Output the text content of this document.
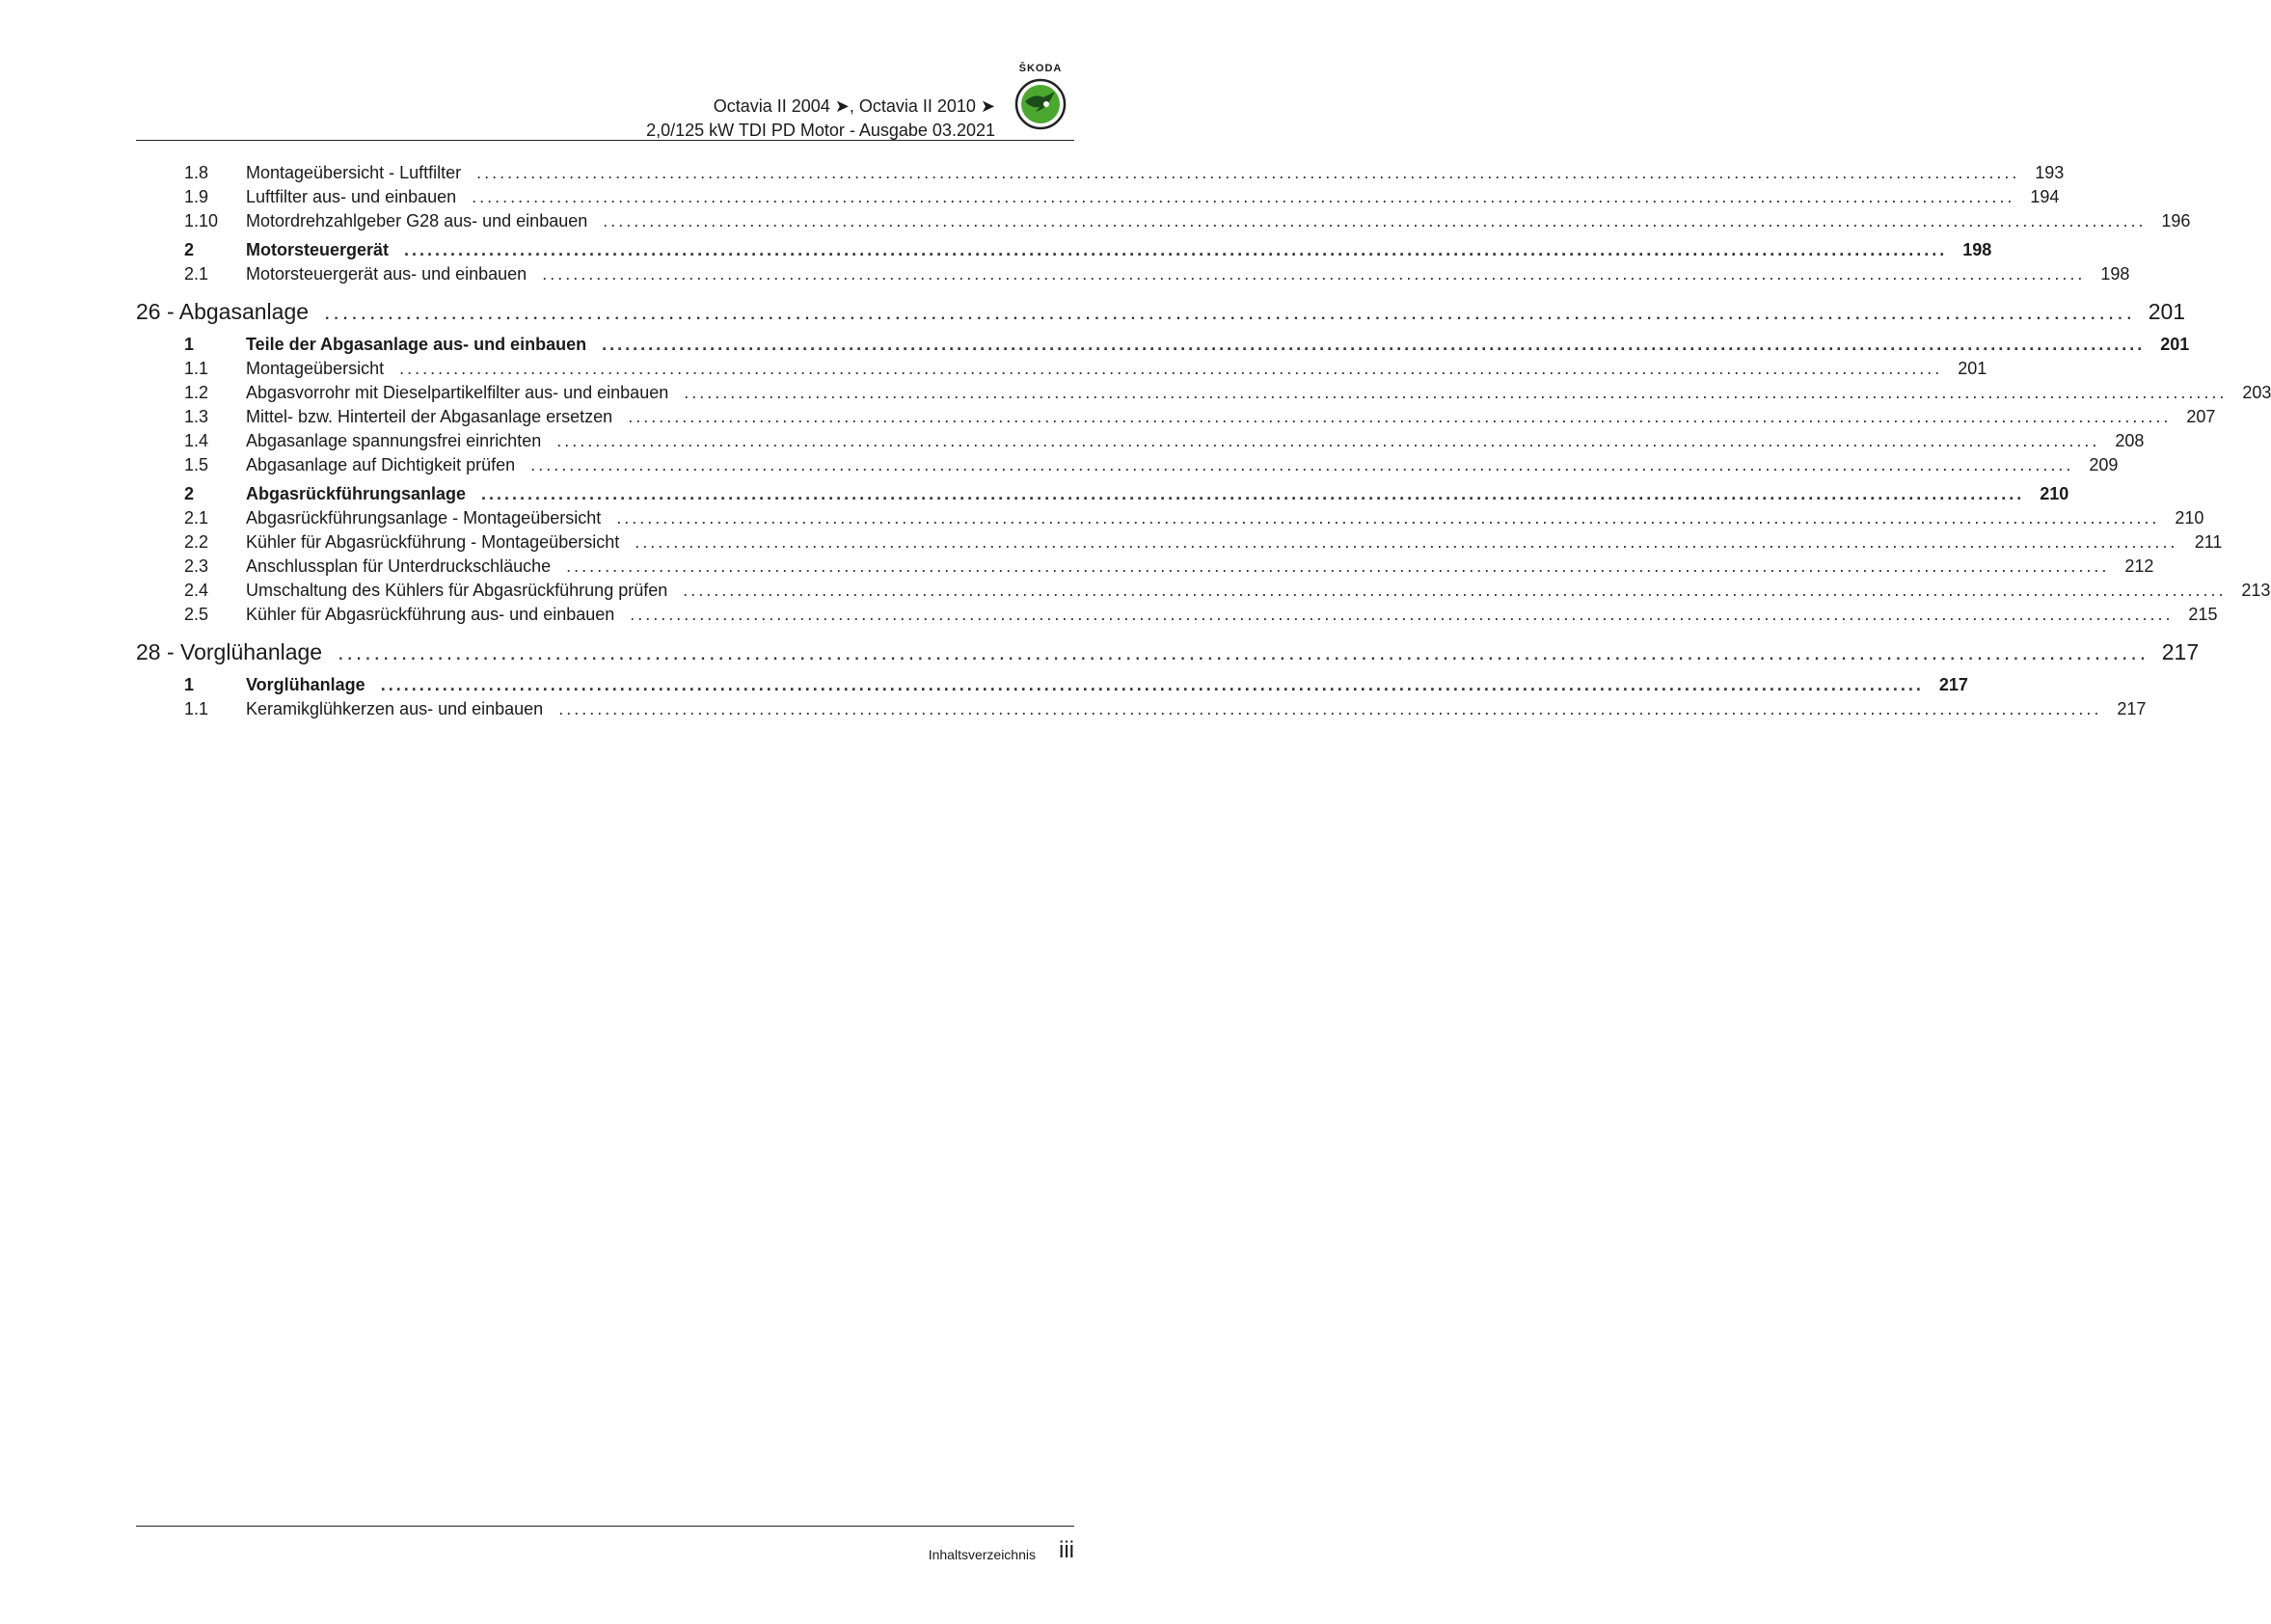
Octavia II 2004 ➤, Octavia II 2010 ➤
2,0/125 kW TDI PD Motor - Ausgabe 03.2021
ŠKODA
1.8	Montageübersicht - Luftfilter ........................................................................................................................................................................................................ 193
1.9	Luftfilter aus- und einbauen ........................................................................................................................................................................................................ 194
1.10	Motordrehzahlgeber G28 aus- und einbauen ........................................................................................................................................................................................................ 196
2	Motorsteuergerät ........................................................................................................................................................................................................ 198
2.1	Motorsteuergerät aus- und einbauen ........................................................................................................................................................................................................ 198
26 - Abgasanlage ........................................................................................................................................................................................................ 201
1	Teile der Abgasanlage aus- und einbauen ........................................................................................................................................................................................................ 201
1.1	Montageübersicht ........................................................................................................................................................................................................ 201
1.2	Abgasvorrohr mit Dieselpartikelfilter aus- und einbauen ........................................................................................................................................................................................................ 203
1.3	Mittel- bzw. Hinterteil der Abgasanlage ersetzen ........................................................................................................................................................................................................ 207
1.4	Abgasanlage spannungsfrei einrichten ........................................................................................................................................................................................................ 208
1.5	Abgasanlage auf Dichtigkeit prüfen ........................................................................................................................................................................................................ 209
2	Abgasrückführungsanlage ........................................................................................................................................................................................................ 210
2.1	Abgasrückführungsanlage - Montageübersicht ........................................................................................................................................................................................................ 210
2.2	Kühler für Abgasrückführung - Montageübersicht ........................................................................................................................................................................................................ 211
2.3	Anschlussplan für Unterdruckschläuche ........................................................................................................................................................................................................ 212
2.4	Umschaltung des Kühlers für Abgasrückführung prüfen ........................................................................................................................................................................................................ 213
2.5	Kühler für Abgasrückführung aus- und einbauen ........................................................................................................................................................................................................ 215
28 - Vorglühanlage ........................................................................................................................................................................................................ 217
1	Vorglühanlage ........................................................................................................................................................................................................ 217
1.1	Keramikglühkerzen aus- und einbauen ........................................................................................................................................................................................................ 217
Inhaltsverzeichnis iii
